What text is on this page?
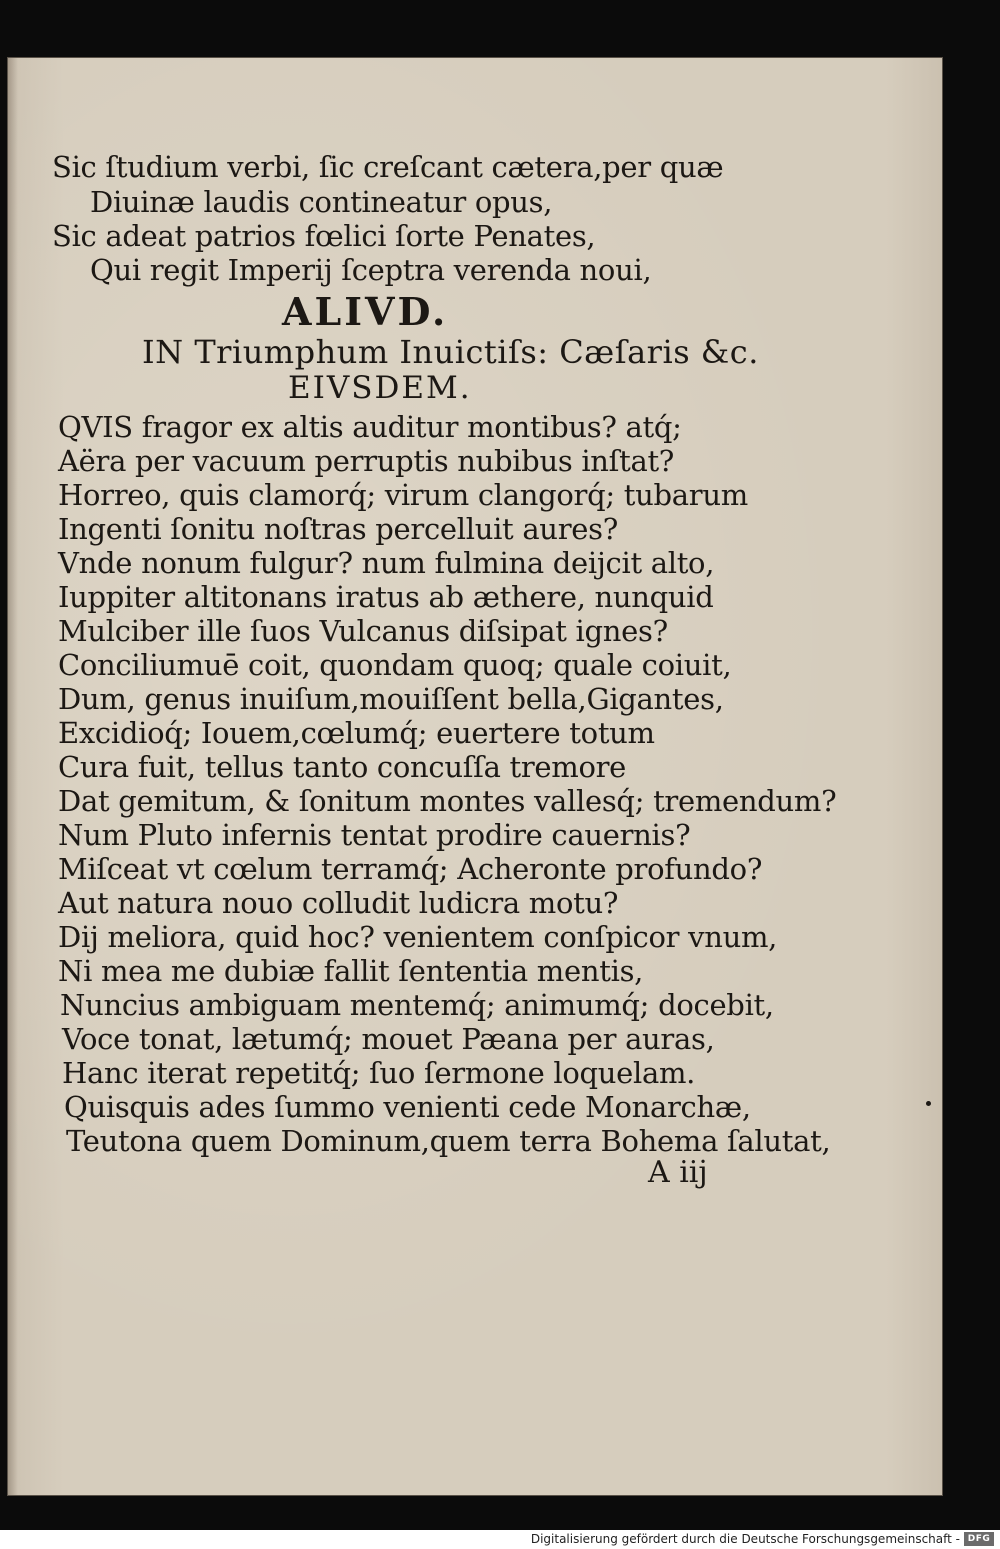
Sic ſtudium verbi, ſic creſcant cætera,per quæ
Diuinæ laudis contineatur opus,
Sic adeat patrios fœlici ſorte Penates,
Qui regit Imperij ſceptra verenda noui,
ALIVD.
IN Triumphum Inuictiſs: Cæſaris &c.
EIVSDEM.
QVIS fragor ex altis auditur montibus? atq́;
Aëra per vacuum perruptis nubibus inſtat?
Horreo, quis clamorq́; virum clangorq́; tubarum
Ingenti ſonitu noſtras percelluit aures?
Vnde nonum fulgur? num fulmina deijcit alto,
Iuppiter altitonans iratus ab æthere, nunquid
Mulciber ille ſuos Vulcanus diſsipat ignes?
Conciliumuē coit, quondam quoq; quale coiuit,
Dum, genus inuiſum,mouiſſent bella,Gigantes,
Excidioq́; Iouem,cœlumq́; euertere totum
Cura fuit, tellus tanto concuſſa tremore
Dat gemitum, & ſonitum montes vallesq́; tremendum?
Num Pluto infernis tentat prodire cauernis?
Miſceat vt cœlum terramq́; Acheronte profundo?
Aut natura nouo colludit ludicra motu?
Dij meliora, quid hoc? venientem conſpicor vnum,
Ni mea me dubiæ fallit ſententia mentis,
Nuncius ambiguam mentemq́; animumq́; docebit,
Voce tonat, lætumq́; mouet Pæana per auras,
Hanc iterat repetitq́; ſuo ſermone loquelam.
Quisquis ades ſummo venienti cede Monarchæ,
Teutona quem Dominum,quem terra Bohema ſalutat,
A iij
Digitalisierung gefördert durch die Deutsche Forschungsgemeinschaft - DFG
